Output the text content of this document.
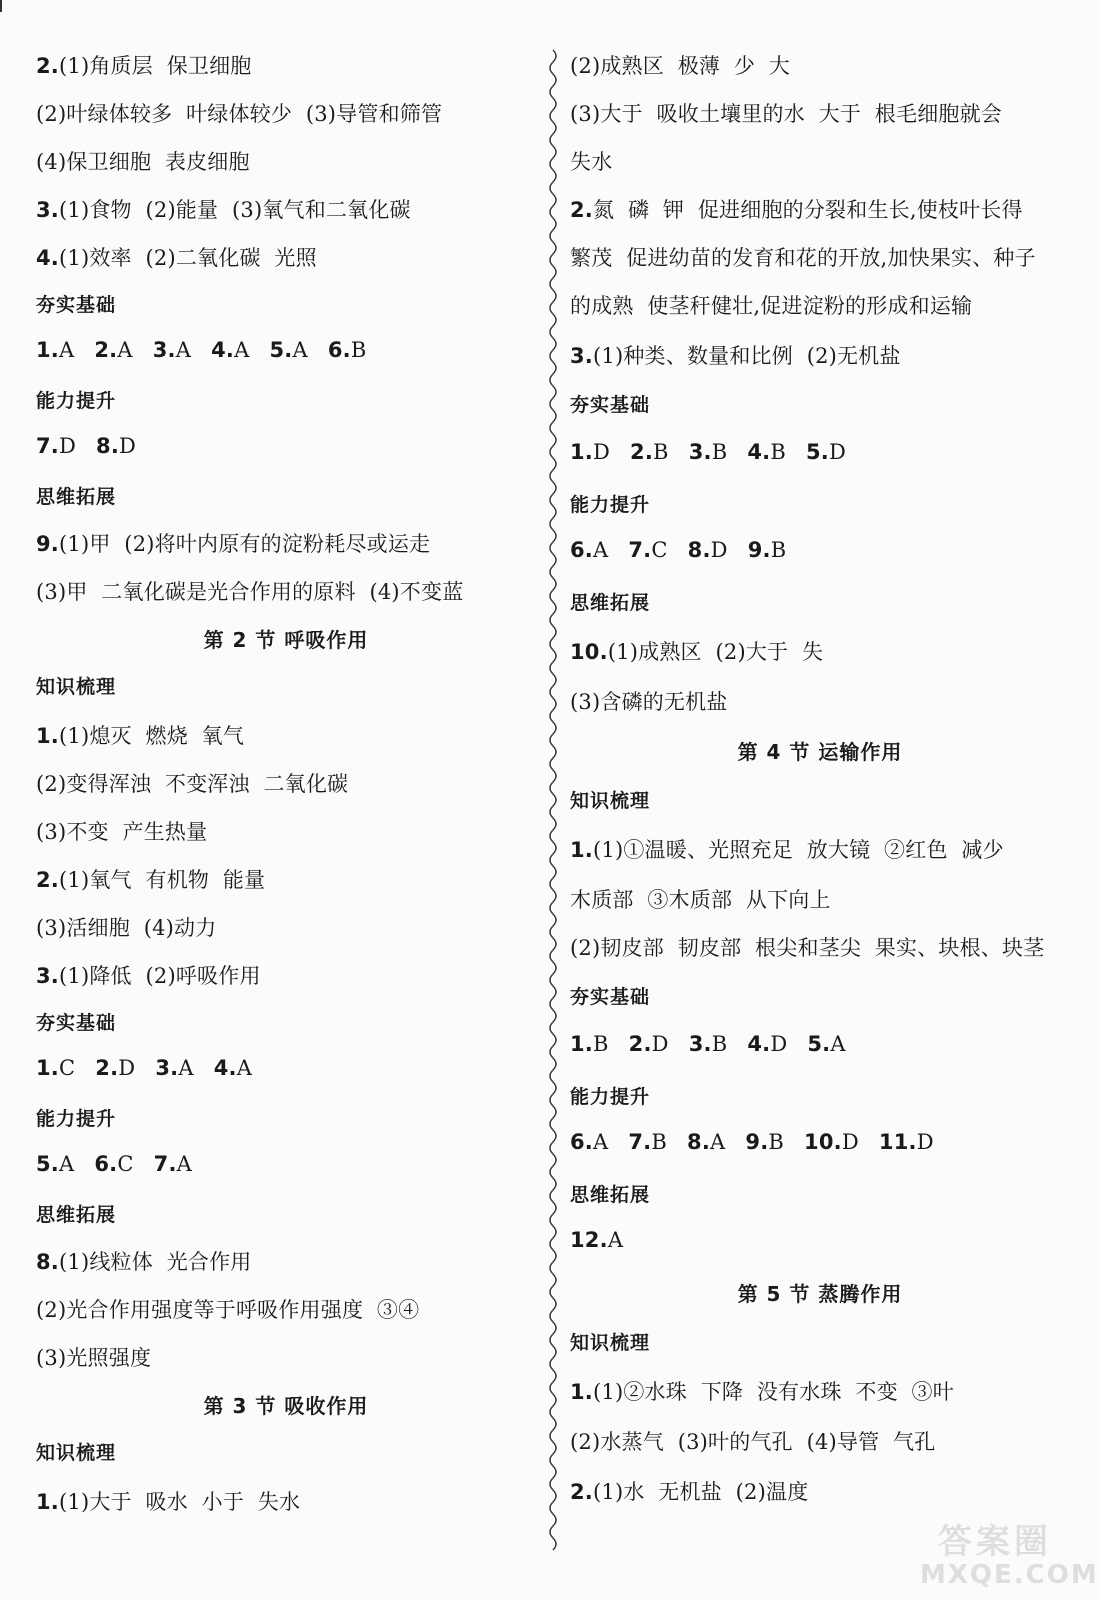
2.(1)角质层  保卫细胞
(2)叶绿体较多  叶绿体较少  (3)导管和筛管
(4)保卫细胞  表皮细胞
3.(1)食物  (2)能量  (3)氧气和二氧化碳
4.(1)效率  (2)二氧化碳  光照
夯实基础
1.A 2.A 3.A 4.A 5.A 6.B
能力提升
7.D 8.D
思维拓展
9.(1)甲  (2)将叶内原有的淀粉耗尽或运走
(3)甲  二氧化碳是光合作用的原料  (4)不变蓝
第 2 节 呼吸作用
知识梳理
1.(1)熄灭  燃烧  氧气
(2)变得浑浊  不变浑浊  二氧化碳
(3)不变  产生热量
2.(1)氧气  有机物  能量
(3)活细胞  (4)动力
3.(1)降低  (2)呼吸作用
夯实基础
1.C 2.D 3.A 4.A
能力提升
5.A 6.C 7.A
思维拓展
8.(1)线粒体  光合作用
(2)光合作用强度等于呼吸作用强度  ③④
(3)光照强度
第 3 节 吸收作用
知识梳理
1.(1)大于  吸水  小于  失水
(2)成熟区  极薄  少  大
(3)大于  吸收土壤里的水  大于  根毛细胞就会
失水
2.氮  磷  钾  促进细胞的分裂和生长,使枝叶长得
繁茂  促进幼苗的发育和花的开放,加快果实、种子
的成熟  使茎秆健壮,促进淀粉的形成和运输
3.(1)种类、数量和比例  (2)无机盐
夯实基础
1.D 2.B 3.B 4.B 5.D
能力提升
6.A 7.C 8.D 9.B
思维拓展
10.(1)成熟区  (2)大于  失
(3)含磷的无机盐
第 4 节 运输作用
知识梳理
1.(1)①温暖、光照充足  放大镜  ②红色  减少
木质部  ③木质部  从下向上
(2)韧皮部  韧皮部  根尖和茎尖  果实、块根、块茎
夯实基础
1.B 2.D 3.B 4.D 5.A
能力提升
6.A 7.B 8.A 9.B 10.D 11.D
思维拓展
12.A
第 5 节 蒸腾作用
知识梳理
1.(1)②水珠  下降  没有水珠  不变  ③叶
(2)水蒸气  (3)叶的气孔  (4)导管  气孔
2.(1)水  无机盐  (2)温度
答案圈
MXQE.COM
